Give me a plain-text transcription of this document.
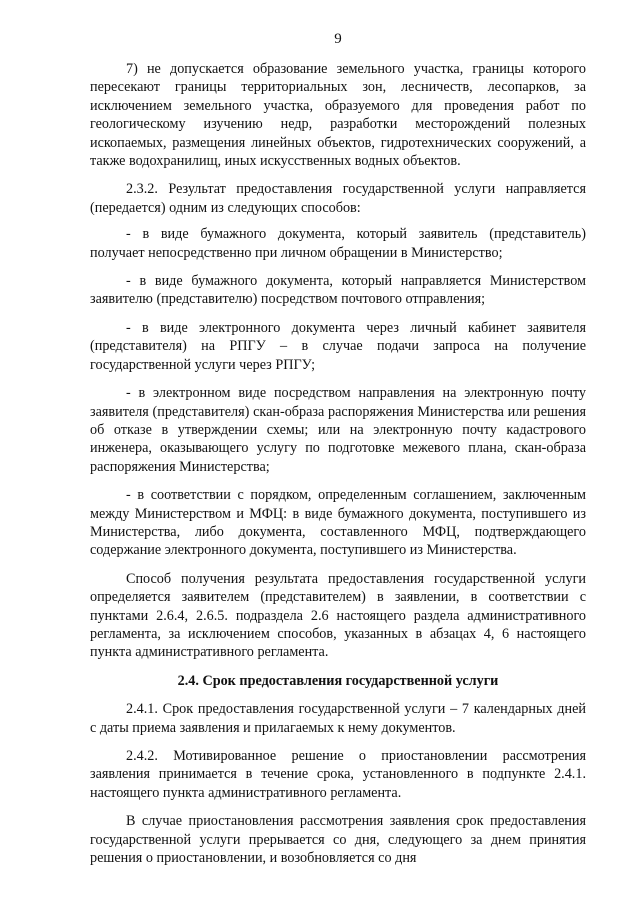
9

7) не допускается образование земельного участка, границы которого пересекают границы территориальных зон, лесничеств, лесопарков, за исключением земельного участка, образуемого для проведения работ по геологическому изучению недр, разработки месторождений полезных ископаемых, размещения линейных объектов, гидротехнических сооружений, а также водохранилищ, иных искусственных водных объектов.

2.3.2. Результат предоставления государственной услуги направляется (передается) одним из следующих способов:

- в виде бумажного документа, который заявитель (представитель) получает непосредственно при личном обращении в Министерство;

- в виде бумажного документа, который направляется Министерством заявителю (представителю) посредством почтового отправления;

- в виде электронного документа через личный кабинет заявителя (представителя) на РПГУ – в случае подачи запроса на получение государственной услуги через РПГУ;

- в электронном виде посредством направления на электронную почту заявителя (представителя) скан-образа распоряжения Министерства или решения об отказе в утверждении схемы; или на электронную почту кадастрового инженера, оказывающего услугу по подготовке межевого плана, скан-образа распоряжения Министерства;

- в соответствии с порядком, определенным соглашением, заключенным между Министерством и МФЦ: в виде бумажного документа, поступившего из Министерства, либо документа, составленного МФЦ, подтверждающего содержание электронного документа, поступившего из Министерства.

Способ получения результата предоставления государственной услуги определяется заявителем (представителем) в заявлении, в соответствии с пунктами 2.6.4, 2.6.5. подраздела 2.6 настоящего раздела административного регламента, за исключением способов, указанных в абзацах 4, 6 настоящего пункта административного регламента.

2.4. Срок предоставления государственной услуги

2.4.1. Срок предоставления государственной услуги – 7 календарных дней с даты приема заявления и прилагаемых к нему документов.

2.4.2. Мотивированное решение о приостановлении рассмотрения заявления принимается в течение срока, установленного в подпункте 2.4.1. настоящего пункта административного регламента.

В случае приостановления рассмотрения заявления срок предоставления государственной услуги прерывается со дня, следующего за днем принятия решения о приостановлении, и возобновляется со дня
